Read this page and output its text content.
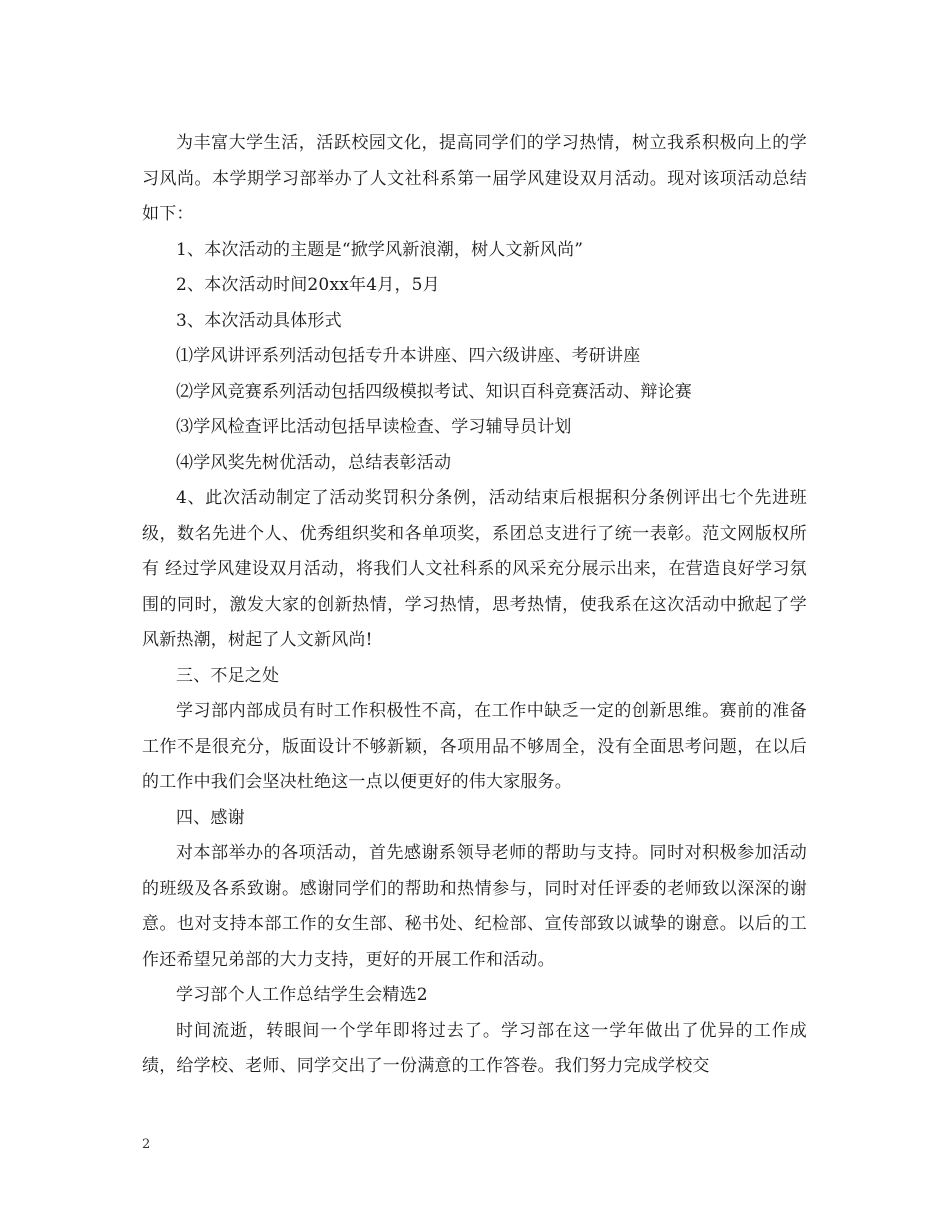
为丰富大学生活，活跃校园文化，提高同学们的学习热情，树立我系积极向上的学习风尚。本学期学习部举办了人文社科系第一届学风建设双月活动。现对该项活动总结如下：

1、本次活动的主题是“掀学风新浪潮，树人文新风尚”

2、本次活动时间20xx年4月，5月

3、本次活动具体形式

⑴学风讲评系列活动包括专升本讲座、四六级讲座、考研讲座

⑵学风竞赛系列活动包括四级模拟考试、知识百科竞赛活动、辩论赛

⑶学风检查评比活动包括早读检查、学习辅导员计划

⑷学风奖先树优活动，总结表彰活动

4、此次活动制定了活动奖罚积分条例，活动结束后根据积分条例评出七个先进班级，数名先进个人、优秀组织奖和各单项奖，系团总支进行了统一表彰。范文网版权所有 经过学风建设双月活动，将我们人文社科系的风采充分展示出来，在营造良好学习氛围的同时，激发大家的创新热情，学习热情，思考热情，使我系在这次活动中掀起了学风新热潮，树起了人文新风尚!

三、不足之处

学习部内部成员有时工作积极性不高，在工作中缺乏一定的创新思维。赛前的准备工作不是很充分，版面设计不够新颖，各项用品不够周全，没有全面思考问题，在以后的工作中我们会坚决杜绝这一点以便更好的伟大家服务。

四、感谢

对本部举办的各项活动，首先感谢系领导老师的帮助与支持。同时对积极参加活动的班级及各系致谢。感谢同学们的帮助和热情参与，同时对任评委的老师致以深深的谢意。也对支持本部工作的女生部、秘书处、纪检部、宣传部致以诚挚的谢意。以后的工作还希望兄弟部的大力支持，更好的开展工作和活动。

学习部个人工作总结学生会精选2

时间流逝，转眼间一个学年即将过去了。学习部在这一学年做出了优异的工作成绩，给学校、老师、同学交出了一份满意的工作答卷。我们努力完成学校交

2
